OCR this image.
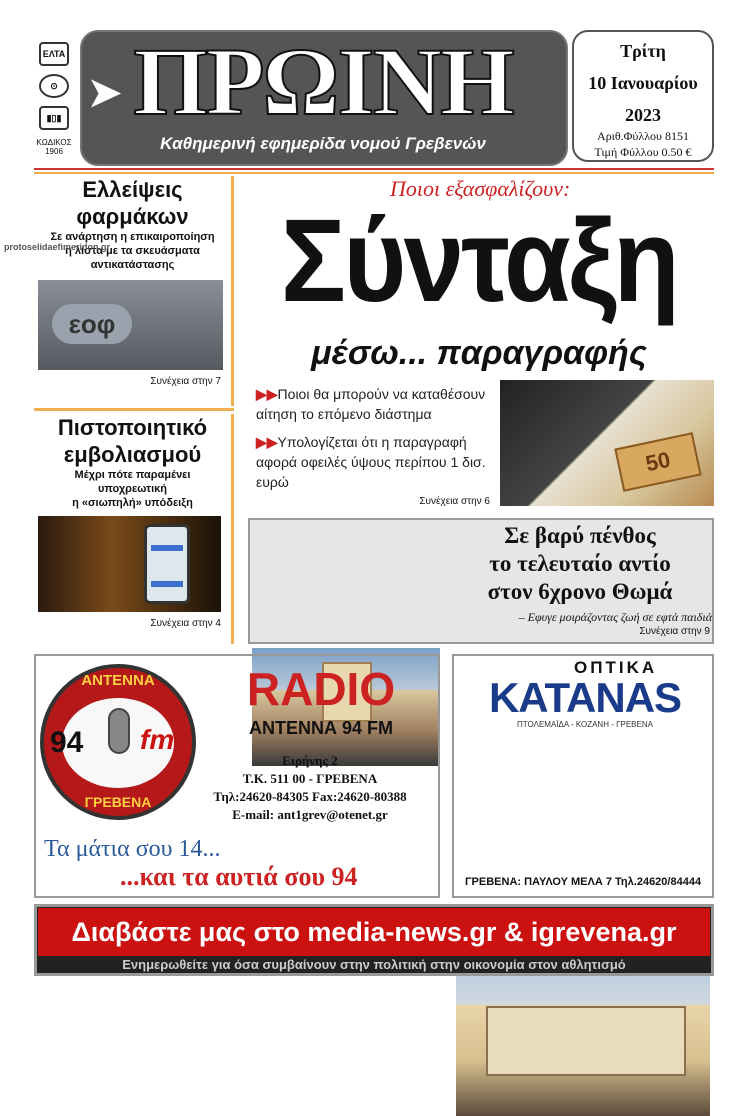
ΕΛΤΑ
⊙
▮▯▮
ΚΩΔΙΚΟΣ
1906
➤ ΠΡΩΙΝΗ
Καθημερινή εφημερίδα νομού Γρεβενών
Τρίτη
10 Ιανουαρίου
2023
Αριθ.Φύλλου 8151
Τιμή Φύλλου 0.50 €
Ελλείψεις
φαρμάκων
Σε ανάρτηση η επικαιροποίηση
η λίστα με τα σκευάσματα
αντικατάστασης
εοφ
Συνέχεια στην 7
protoselidaefimeridon.gr
Πιστοποιητικό
εμβολιασμού
Μέχρι πότε παραμένει
υποχρεωτική
η «σιωπηλή» υπόδειξη
Συνέχεια στην 4
Ποιοι εξασφαλίζουν:
Σύνταξη
μέσω... παραγραφής
▶▶Ποιοι θα μπορούν να καταθέσουν αίτηση το επόμενο διάστημα
▶▶Υπολογίζεται ότι η παραγραφή αφορά οφειλές ύψους περίπου 1 δισ. ευρώ
Συνέχεια στην 6
50
Σε βαρύ πένθος
το τελευταίο αντίο
στον 6χρονο Θωμά
– Εφυγε μοιράζοντας ζωή σε εφτά παιδιά
Συνέχεια στην 9
ΑΝΤΕΝΝΑ
94 fm
ΓΡΕΒΕΝΑ
RADIO
ΑΝΤΕΝΝΑ 94 FM
Ειρήνης 2
Τ.Κ. 511 00 - ΓΡΕΒΕΝΑ
Τηλ:24620-84305 Fax:24620-80388
E-mail: ant1grev@otenet.gr
Τα μάτια σου 14...
...και τα αυτιά σου 94
ΟΠΤΙΚΑ
KATANAS
ΠΤΟΛΕΜΑΪΔΑ - ΚΟΖΑΝΗ - ΓΡΕΒΕΝΑ
ΓΡΕΒΕΝΑ: ΠΑΥΛΟΥ ΜΕΛΑ 7 Τηλ.24620/84444
Διαβάστε μας στο media-news.gr & igrevena.gr
Ενημερωθείτε για όσα συμβαίνουν στην πολιτική στην οικονομία στον αθλητισμό
